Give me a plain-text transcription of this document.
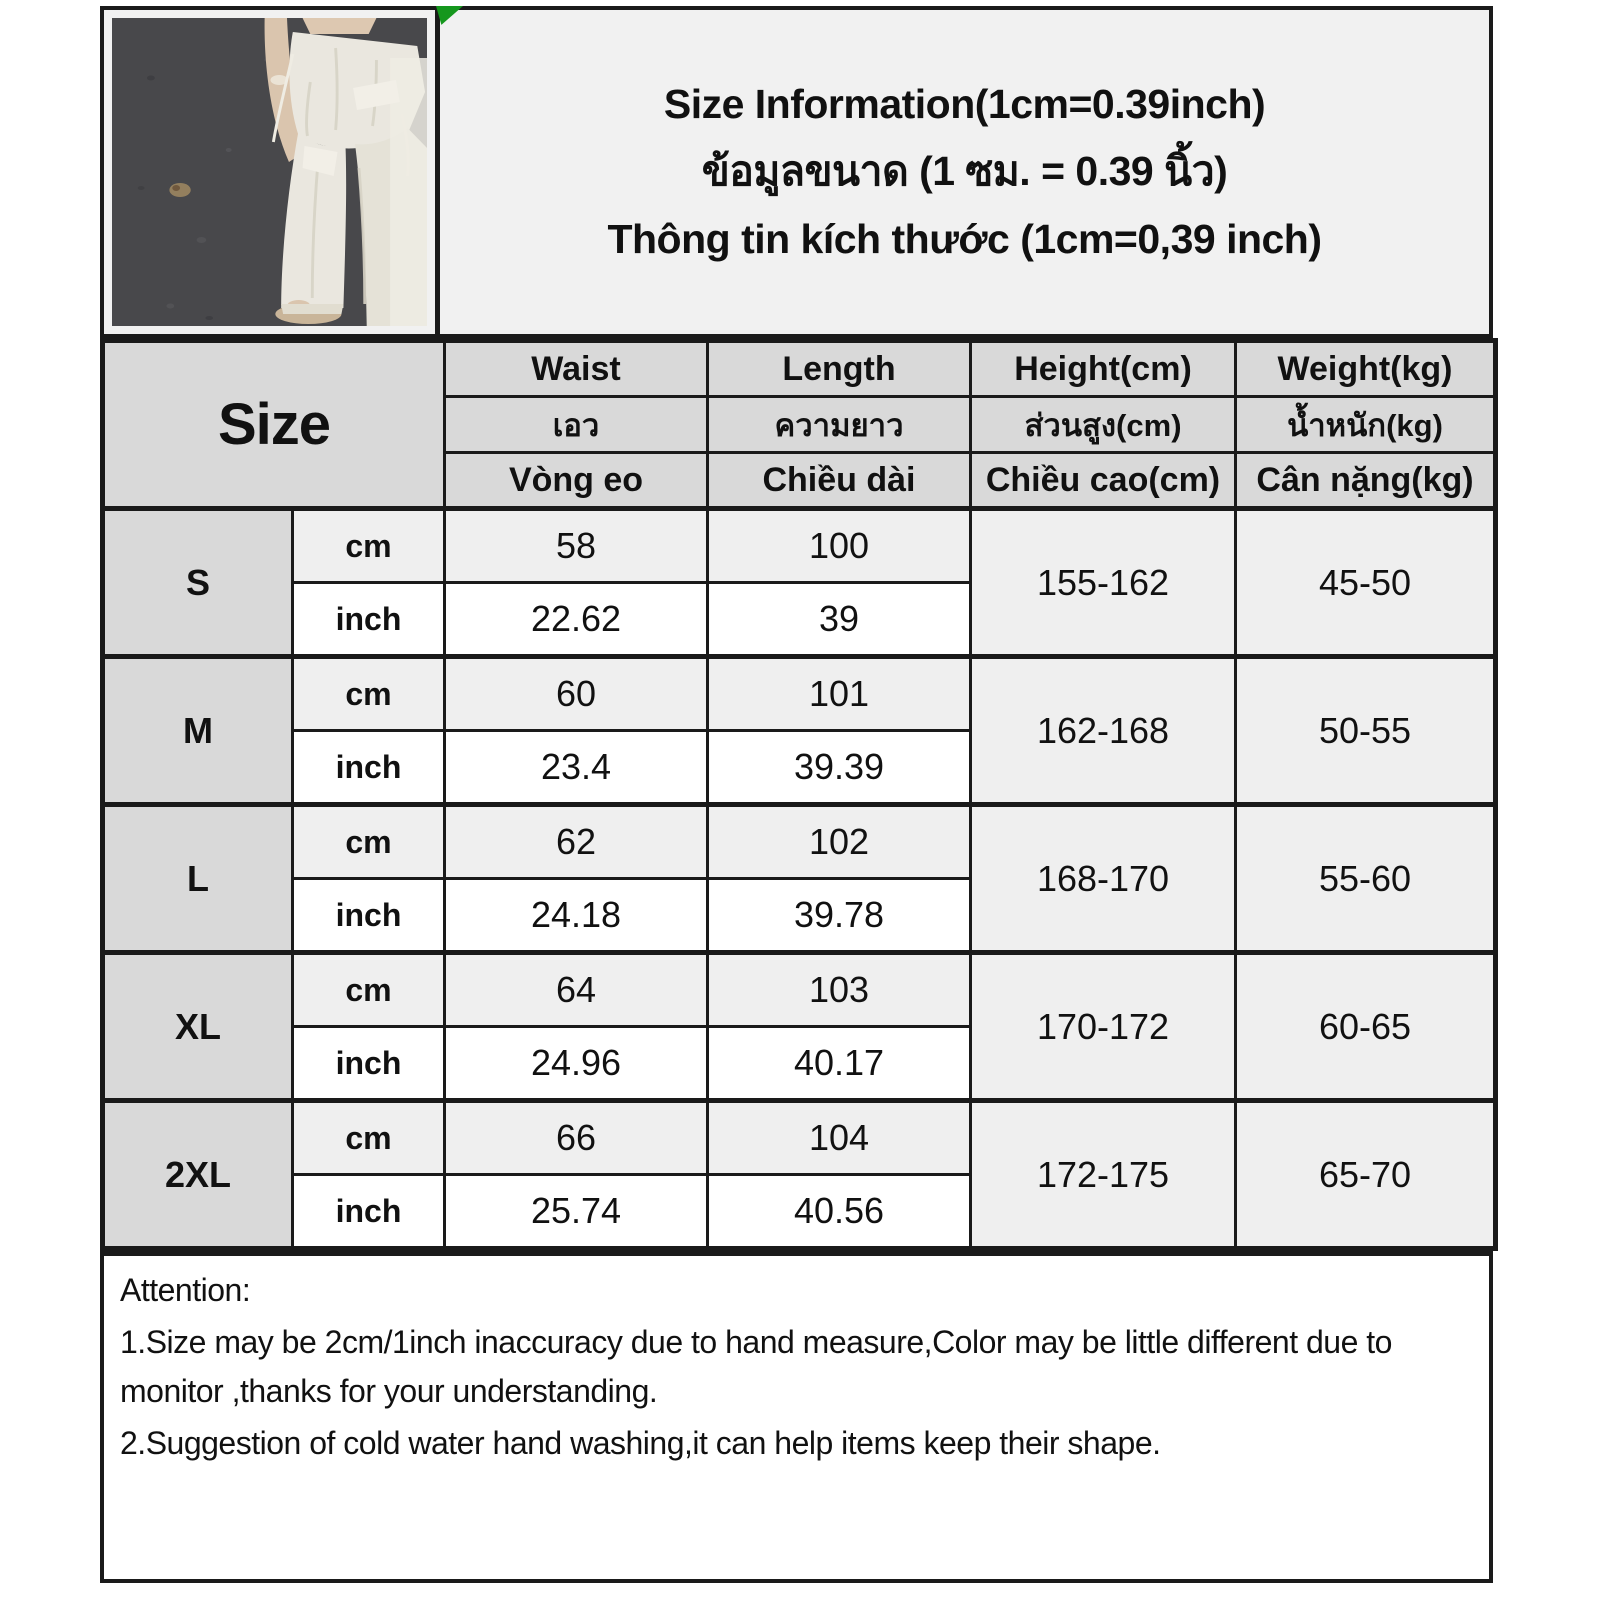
Size Information(1cm=0.39inch)
ข้อมูลขนาด (1 ซม. = 0.39 นิ้ว)
Thông tin kích thước (1cm=0,39 inch)
Size		Waist	Length	Height(cm)	Weight(kg)
		เอว	ความยาว	ส่วนสูง(cm)	น้ำหนัก(kg)
		Vòng eo	Chiều dài	Chiều cao(cm)	Cân nặng(kg)
S	cm	58	100	155-162	45-50
	inch	22.62	39		
M	cm	60	101	162-168	50-55
	inch	23.4	39.39		
L	cm	62	102	168-170	55-60
	inch	24.18	39.78		
XL	cm	64	103	170-172	60-65
	inch	24.96	40.17		
2XL	cm	66	104	172-175	65-70
	inch	25.74	40.56		
Attention:
1.Size may be 2cm/1inch inaccuracy due to hand measure,Color may be little different due to monitor ,thanks for your understanding.
2.Suggestion of cold water hand washing,it can help items keep their shape.
